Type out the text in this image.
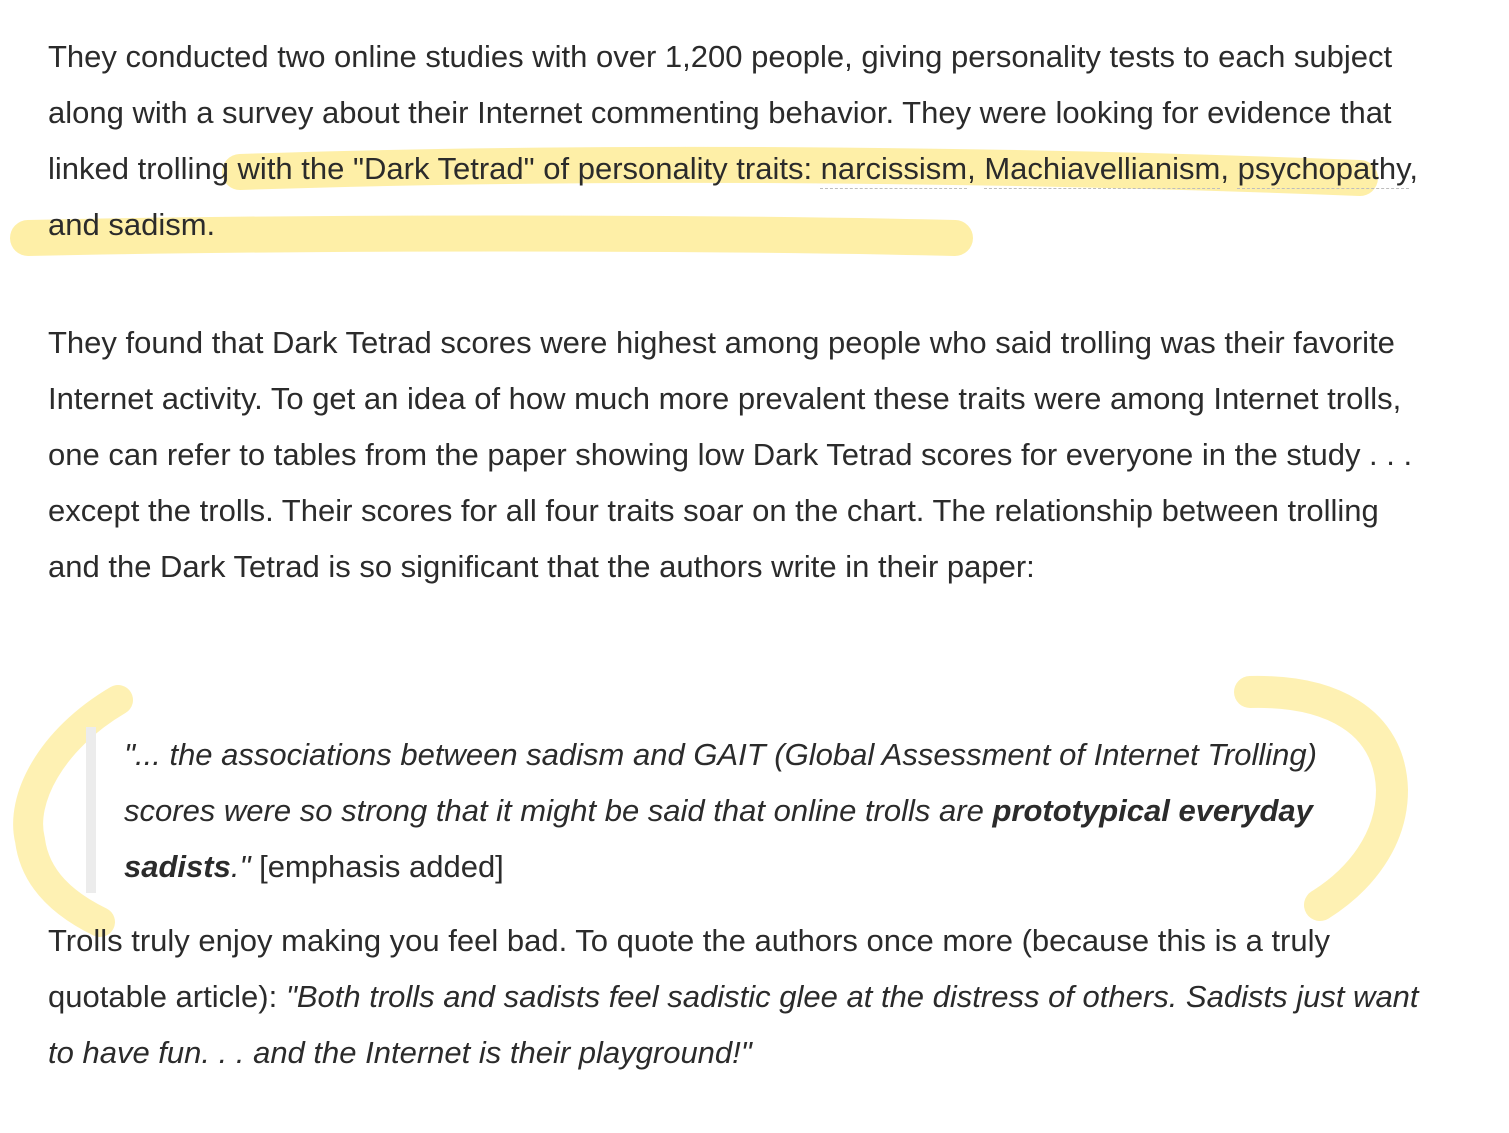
They conducted two online studies with over 1,200 people, giving personality tests to each subject along with a survey about their Internet commenting behavior. They were looking for evidence that linked trolling with the "Dark Tetrad" of personality traits: narcissism, Machiavellianism, psychopathy, and sadism.

They found that Dark Tetrad scores were highest among people who said trolling was their favorite Internet activity. To get an idea of how much more prevalent these traits were among Internet trolls, one can refer to tables from the paper showing low Dark Tetrad scores for everyone in the study . . . except the trolls. Their scores for all four traits soar on the chart. The relationship between trolling and the Dark Tetrad is so significant that the authors write in their paper:

"... the associations between sadism and GAIT (Global Assessment of Internet Trolling) scores were so strong that it might be said that online trolls are prototypical everyday sadists." [emphasis added]

Trolls truly enjoy making you feel bad. To quote the authors once more (because this is a truly quotable article): "Both trolls and sadists feel sadistic glee at the distress of others. Sadists just want to have fun. . . and the Internet is their playground!"
